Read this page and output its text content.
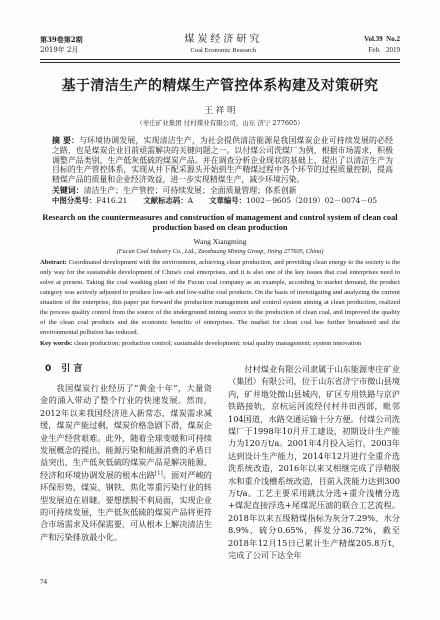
第39卷第2期
2019年 2月
煤炭经济研究
Coal Economic Research
Vol.39  No.2
Feb.   2019
基于清洁生产的精煤生产管控体系构建及对策研究
王 祥 明
（枣庄矿业集团 付村煤业有限公司，山东 济宁 277605）
摘 要：与环境协调发展，实现清洁生产，为社会提供清洁能源是我国煤炭企业可持续发展的必经之路，也是煤炭企业目前亟需解决的关键问题之一。以付煤公司洗煤厂为例，根据市场需求，积极调整产品类别，生产低灰低硫的煤炭产品。并在调查分析企业现状的基础上，提出了以清洁生产为目标的生产管控体系，实现从井下配采源头开始到生产精煤过程中各个环节的过程质量控制，提高精煤产品的质量和企业经济效益，进一步实现精煤生产，减少环境污染。
关键词：清洁生产；生产管控；可持续发展；全面质量管理；体系创新
中图分类号：F416.21 文献标志码：A 文章编号：1002－9605（2019）02－0074－05
Research on the countermeasures and construction of management and control system of clean coal production based on clean production
Wang Xiangming
(Fucun Coal Industry Co., Ltd., Zaozhuang Mining Group, Jining 277605, China)
Abstract: Coordinated development with the environment, achieving clean production, and providing clean energy to the society is the only way for the sustainable development of China's coal enterprises, and it is also one of the key issues that coal enterprises need to solve at present. Taking the coal washing plant of the Fucun coal company as an example, according to market demand, the product category was actively adjusted to produce low-ash and low-sulfur coal products. On the basis of investigating and analyzing the current situation of the enterprise, this paper put forward the production management and control system aiming at clean production, realized the process quality control from the source of the underground mining source to the production of clean coal, and improved the quality of the clean coal products and the economic benefits of enterprises. The market for clean coal has further broadened and the environmental pollution has reduced.
Key words: clean production; production control; sustainable development; total quality management; system innovation
0 引 言

我国煤炭行业经历了“黄金十年”，大量资金的涌入带动了整个行业的快速发展。然而，2012年以来我国经济进入新常态，煤炭需求减缓，煤炭产能过剩，煤炭价格急剧下滑，煤炭企业生产经营艰难。此外，随着全球变暖和可持续发展概念的提出，能源污染和能源消费的矛盾日益突出，生产低灰低硫的煤炭产品是解决能源、经济和环境协调发展的根本出路[1]。面对严峻的环保形势，煤炭、钢铁、焦化等重污染行业的转型发展迫在眉睫。要想摆脱不利局面，实现企业的可持续发展，生产低灰低硫的煤炭产品将更符合市场需求及环保需要，可从根本上解决清洁生产和污染排放最小化。

付村煤业有限公司隶属于山东能源枣庄矿业（集团）有限公司，位于山东省济宁市微山县境内，矿井地处微山县城内，矿区专用铁路与京沪铁路接轨，京杭运河流经付村井田西部，毗邻104国道，水路交通运输十分方便。付煤公司洗煤厂于1998年10月开工建设，初期设计生产能力为120万t/a。2001年4月投入运行，2003年达到设计生产能力，2014年12月进行全重介选洗系统改造，2016年以来又相继完成了浮精脱水和重介浅槽系统改造，目前入洗能力达到300万t/a。工艺主要采用跳汰分选+重介浅槽分选+煤泥直接浮选+尾煤泥压滤的联合工艺流程。2018年以来五级精煤指标为灰分7.29%、水分8.9%、硫分0.65%，挥发分36.72%，截至2018年12月15日已累计生产精煤205.8万t，完成了公司下达全年

74
